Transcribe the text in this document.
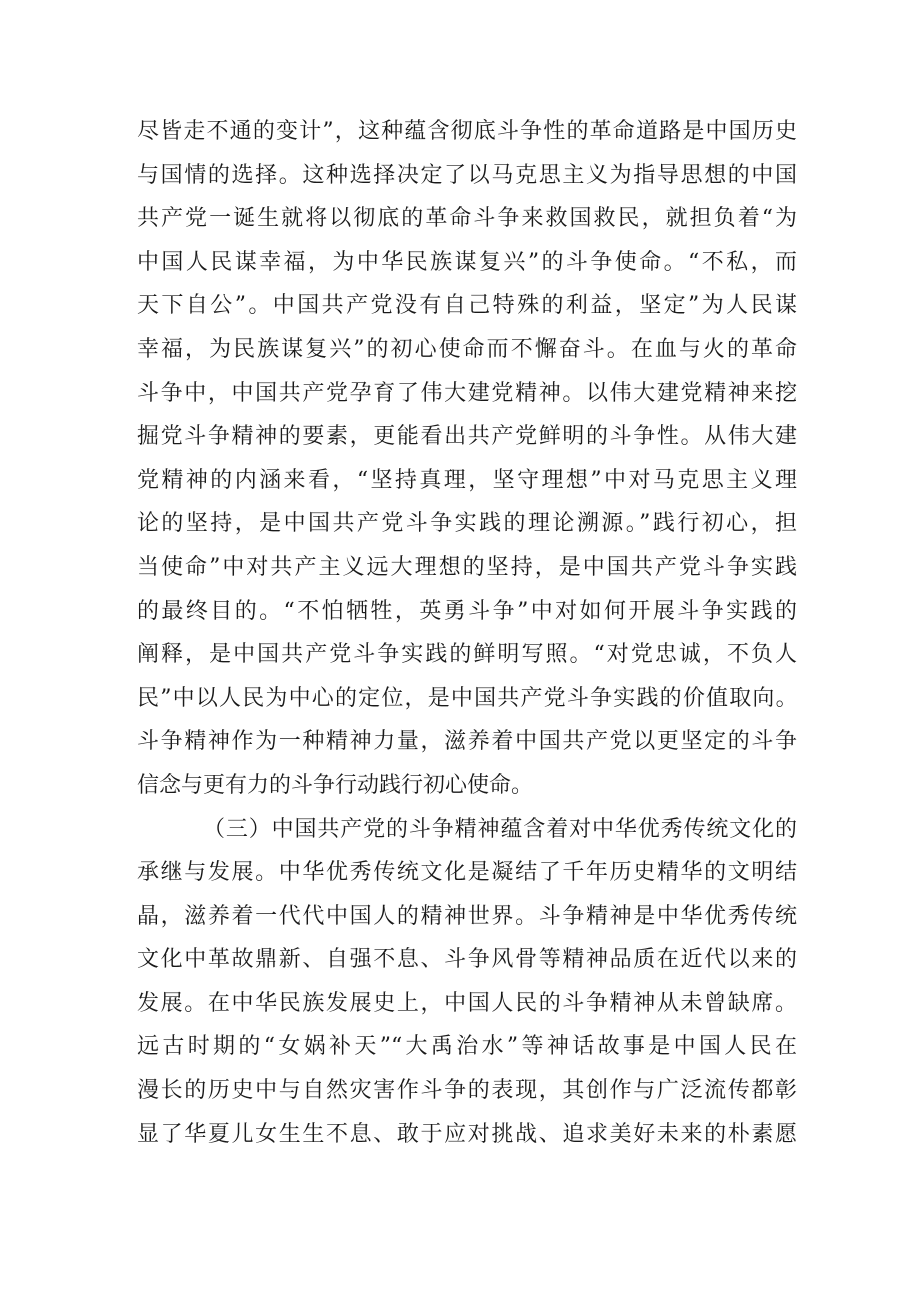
尽皆走不通的变计”，这种蕴含彻底斗争性的革命道路是中国历史
与国情的选择。这种选择决定了以马克思主义为指导思想的中国
共产党一诞生就将以彻底的革命斗争来救国救民，就担负着“为
中国人民谋幸福，为中华民族谋复兴”的斗争使命。“不私，而
天下自公”。中国共产党没有自己特殊的利益，坚定”为人民谋
幸福，为民族谋复兴”的初心使命而不懈奋斗。在血与火的革命
斗争中，中国共产党孕育了伟大建党精神。以伟大建党精神来挖
掘党斗争精神的要素，更能看出共产党鲜明的斗争性。从伟大建
党精神的内涵来看，“坚持真理，坚守理想”中对马克思主义理
论的坚持，是中国共产党斗争实践的理论溯源。”践行初心，担
当使命”中对共产主义远大理想的坚持，是中国共产党斗争实践
的最终目的。“不怕牺牲，英勇斗争”中对如何开展斗争实践的
阐释，是中国共产党斗争实践的鲜明写照。“对党忠诚，不负人
民”中以人民为中心的定位，是中国共产党斗争实践的价值取向。
斗争精神作为一种精神力量，滋养着中国共产党以更坚定的斗争
信念与更有力的斗争行动践行初心使命。
（三）中国共产党的斗争精神蕴含着对中华优秀传统文化的
承继与发展。中华优秀传统文化是凝结了千年历史精华的文明结
晶，滋养着一代代中国人的精神世界。斗争精神是中华优秀传统
文化中革故鼎新、自强不息、斗争风骨等精神品质在近代以来的
发展。在中华民族发展史上，中国人民的斗争精神从未曾缺席。
远古时期的“女娲补天”“大禹治水”等神话故事是中国人民在
漫长的历史中与自然灾害作斗争的表现，其创作与广泛流传都彰
显了华夏儿女生生不息、敢于应对挑战、追求美好未来的朴素愿
